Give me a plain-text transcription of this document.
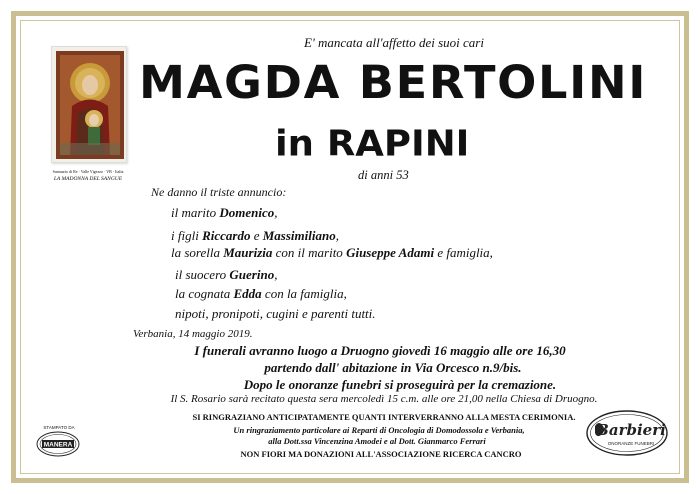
Santuario di Re · Valle Vigezzo · VB · Italia
LA MADONNA DEL SANGUE
E' mancata all'affetto dei suoi cari
MAGDA BERTOLINI
in RAPINI
di anni 53
Ne danno il triste annuncio:
il marito Domenico,
i figli Riccardo e Massimiliano,
la sorella Maurizia con il marito Giuseppe Adami e famiglia,
il suocero Guerino,
la cognata Edda con la famiglia,
nipoti, pronipoti, cugini e parenti tutti.
Verbania, 14 maggio 2019.
I funerali avranno luogo a Druogno giovedì 16 maggio alle ore 16,30
partendo dall' abitazione in Via Orcesco n.9/bis.
Dopo le onoranze funebri si proseguirà per la cremazione.
Il S. Rosario sarà recitato questa sera mercoledì 15 c.m. alle ore 21,00 nella Chiesa di Druogno.
SI RINGRAZIANO ANTICIPATAMENTE QUANTI INTERVERRANNO ALLA MESTA CERIMONIA.
Un ringraziamento particolare ai Reparti di Oncologia di Domodossola e Verbania,
alla Dott.ssa Vincenzina Amodei e al Dott. Gianmarco Ferrari
NON FIORI MA DONAZIONI ALL'ASSOCIAZIONE RICERCA CANCRO
STAMPATO DA
MANERA
Barbieri
ONORANZE FUNEBRI
